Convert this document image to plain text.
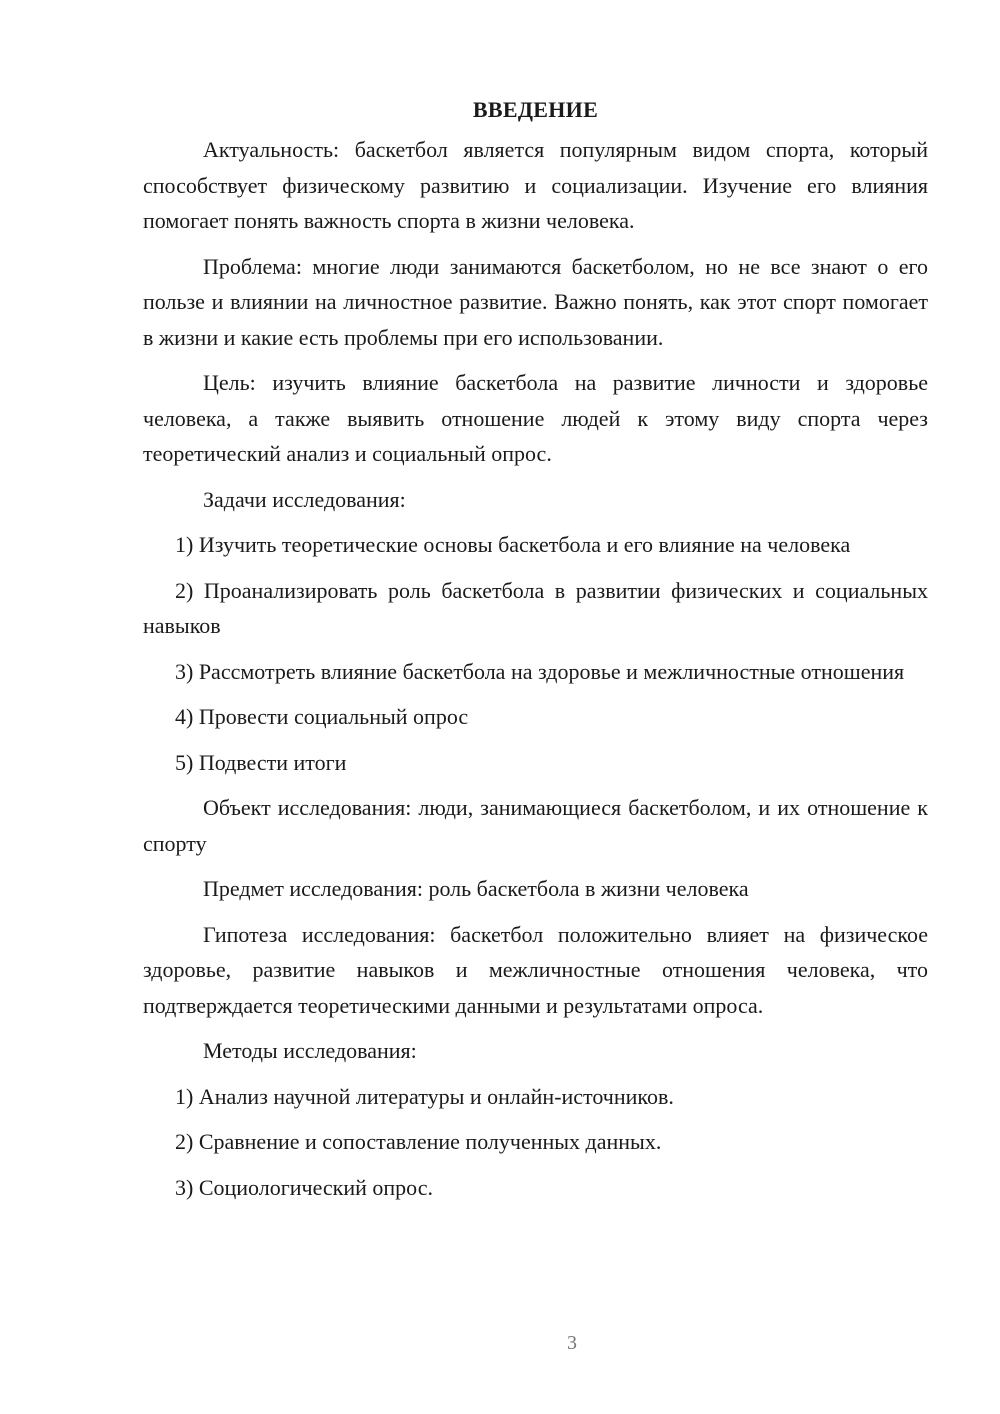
ВВЕДЕНИЕ

Актуальность: баскетбол является популярным видом спорта, который способствует физическому развитию и социализации. Изучение его влияния помогает понять важность спорта в жизни человека.

Проблема: многие люди занимаются баскетболом, но не все знают о его пользе и влиянии на личностное развитие. Важно понять, как этот спорт помогает в жизни и какие есть проблемы при его использовании.

Цель: изучить влияние баскетбола на развитие личности и здоровье человека, а также выявить отношение людей к этому виду спорта через теоретический анализ и социальный опрос.

Задачи исследования:

1) Изучить теоретические основы баскетбола и его влияние на человека

2) Проанализировать роль баскетбола в развитии физических и социальных навыков

3) Рассмотреть влияние баскетбола на здоровье и межличностные отношения

4) Провести социальный опрос

5) Подвести итоги

Объект исследования: люди, занимающиеся баскетболом, и их отношение к спорту

Предмет исследования: роль баскетбола в жизни человека

Гипотеза исследования: баскетбол положительно влияет на физическое здоровье, развитие навыков и межличностные отношения человека, что подтверждается теоретическими данными и результатами опроса.

Методы исследования:

1) Анализ научной литературы и онлайн-источников.

2) Сравнение и сопоставление полученных данных.

3) Социологический опрос.

3
